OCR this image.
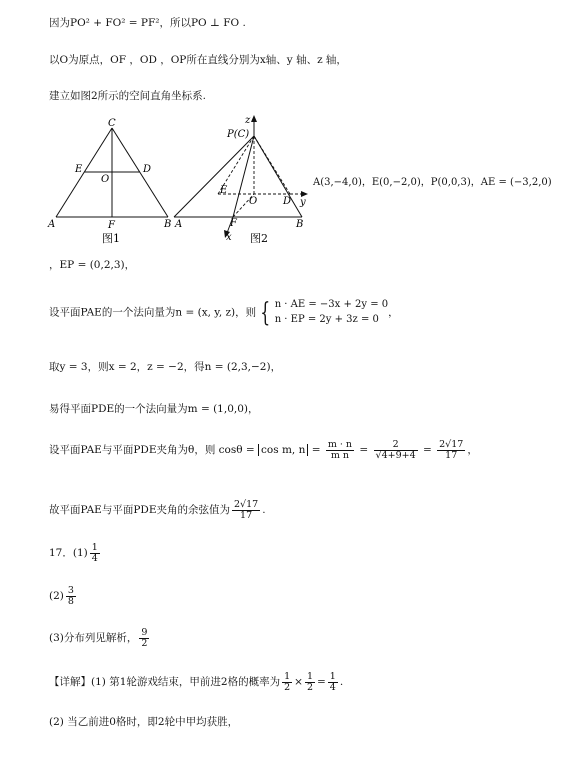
因为PO² + FO² = PF²，所以PO ⊥ FO .
以O为原点，OF ，OD ，OP所在直线分别为x轴、y 轴、z 轴，
建立如图2所示的空间直角坐标系.
C
E	D
O
A	F	B
图1
z
P(C)
E
O	D y
A	F	B
x 图2
A(3,−4,0)，E(0,−2,0)，P(0,0,3)，AE = (−3,2,0)
，EP = (0,2,3)，
设平面PAE的一个法向量为n = (x, y, z)，则 { n · AE = −3x + 2y = 0
n · EP = 2y + 3z = 0
，
取y = 3，则x = 2，z = −2，得n = (2,3,−2)，
易得平面PDE的一个法向量为m = (1,0,0)，
设平面PAE与平面PDE夹角为θ，则 cosθ = cos m, $n = \frac{m \cdot n}{\text{m n}} = \frac{2}{√4+9+4} = \frac{2√17}{17}$ ，
故平面PAE与平面PDE夹角的余弦值为 $\frac{2√17}{17}$ .
17．$(1) \frac{1}{4}$
$(2) \frac{3}{8}$
(3)分布列见解析， $\frac{9}{2}$
【详解】(1) 第1轮游戏结束，甲前进2格的概率为 $\frac{1}{2} \times \frac{1}{2} = \frac{1}{4}$ .
(2) 当乙前进0格时，即2轮中甲均获胜，
